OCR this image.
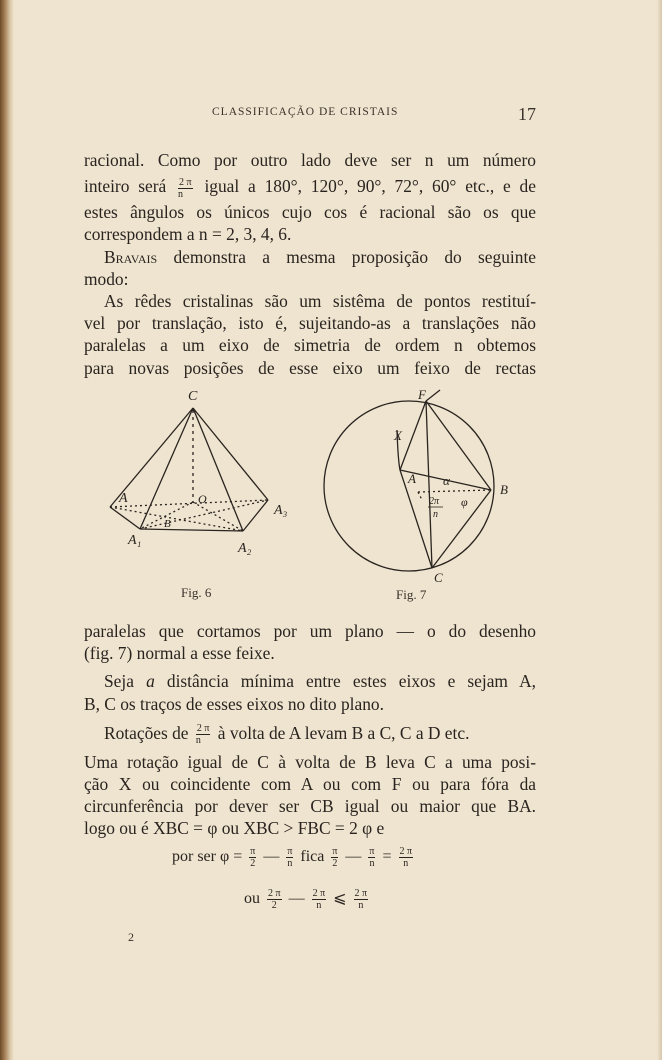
CLASSIFICAÇÃO DE CRISTAIS	17
racional. Como por outro lado deve ser n um número
inteiro será $\frac{2 \pi}{n}$ igual a 180°, 120°, 90°, 72°, 60° etc., e de
estes ângulos os únicos cujo cos é racional são os que
correspondem a n = 2, 3, 4, 6.
Bravais demonstra a mesma proposição do seguinte
modo:
As rêdes cristalinas são um sistêma de pontos restituí-
vel por translação, isto é, sujeitando-as a translações não
paralelas a um eixo de simetria de ordem n obtemos
para novas posições de esse eixo um feixo de rectas
C
A	O
B
A₁
A₂
A₃
F
X
A α
B
φ
2π
n
C
Fig. 6	Fig. 7
paralelas que cortamos por um plano — o do desenho
(fig. 7) normal a esse feixe.
Seja a distância mínima entre estes eixos e sejam A,
B, C os traços de esses eixos no dito plano.
Rotações de $\frac{2 \pi}{n}$ à volta de A levam B a C, C a D etc.
Uma rotação igual de C à volta de B leva C a uma posi-
ção X ou coincidente com A ou com F ou para fóra da
circunferência por dever ser CB igual ou maior que BA.
logo ou é XBC = φ ou XBC > FBC = 2 φ e
por ser $\varphi = \frac{\pi}{2}$ — $\frac{\pi}{n}$ fica $\frac{\pi}{2}$ — $\frac{\pi}{n} = \frac{2 \pi}{n}$
ou $\frac{2 \pi}{2}$ — $\frac{2 \pi}{n}$ ⩽ $\frac{2 \pi}{n}$
2
